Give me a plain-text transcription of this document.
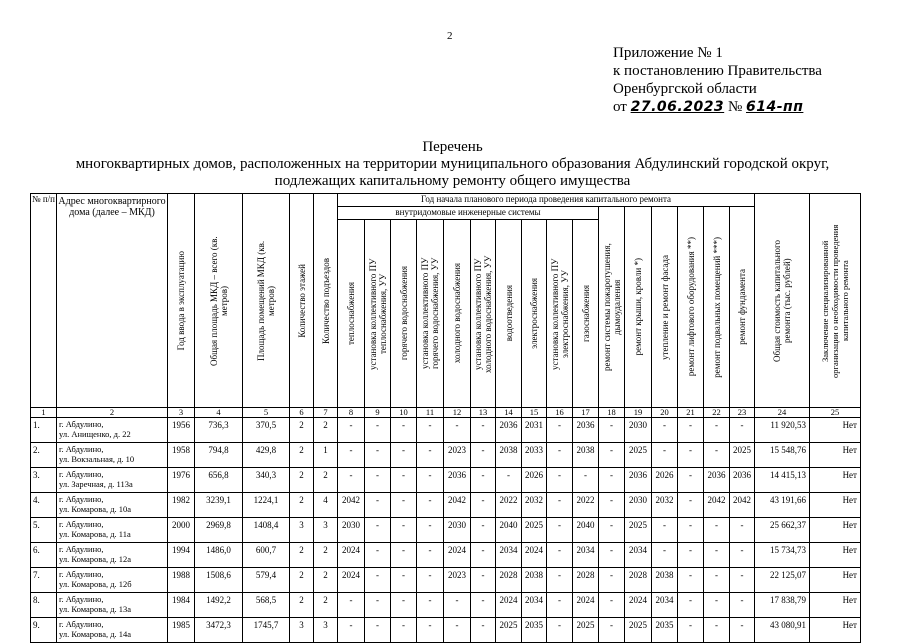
2
Приложение № 1
к постановлению Правительства
Оренбургской области
от 27.06.2023 № 614-пп
Перечень
многоквартирных домов, расположенных на территории муниципального образования Абдулинский городской округ,
подлежащих капитальному ремонту общего имущества
№ п/п	Адрес многоквартирного дома (далее – МКД)	Год ввода в эксплуатацию	Общая площадь МКД – всего (кв. метров)	Площадь помещений МКД (кв. метров)	Количество этажей	Количество подъездов	Год начала планового периода проведения капитального ремонта																Общая стоимость капитального ремонта (тыс. рублей)	Заключение специализированной организации о необходимости проведения капитального ремонта

							внутридомовые инженерные системы										ремонт системы пожаротушения, дымоудаления	ремонт крыши, кровли *)	утепление и ремонт фасада	ремонт лифтового оборудования **)	ремонт подвальных помещений ***)	ремонт фундамента		

							теплоснабжения	установка коллективного ПУ теплоснабжения, УУ	горячего водоснабжения	установка коллективного ПУ горячего водоснабжения, УУ	холодного водоснабжения	установка коллективного ПУ холодного водоснабжения, УУ	водоотведения	электроснабжения	установка коллективного ПУ электроснабжения, УУ	газоснабжения								

1	2	3	4	5	6	7	8	9	10	11	12	13	14	15	16	17	18	19	20	21	22	23	24	25
1.	г. Абдулино,
ул. Анищенко, д. 22	1956	736,3	370,5	2	2	-	-	-	-	-	-	2036	2031	-	2036	-	2030	-	-	-	-	11 920,53	Нет
2.	г. Абдулино,
ул. Вокзальная, д. 10	1958	794,8	429,8	2	1	-	-	-	-	2023	-	2038	2033	-	2038	-	2025	-	-	-	2025	15 548,76	Нет
3.	г. Абдулино,
ул. Заречная, д. 113а	1976	656,8	340,3	2	2	-	-	-	-	2036	-	-	2026	-	-	-	2036	2026	-	2036	2036	14 415,13	Нет
4.	г. Абдулино,
ул. Комарова, д. 10а	1982	3239,1	1224,1	2	4	2042	-	-	-	2042	-	2022	2032	-	2022	-	2030	2032	-	2042	2042	43 191,66	Нет
5.	г. Абдулино,
ул. Комарова, д. 11а	2000	2969,8	1408,4	3	3	2030	-	-	-	2030	-	2040	2025	-	2040	-	2025	-	-	-	-	25 662,37	Нет
6.	г. Абдулино,
ул. Комарова, д. 12а	1994	1486,0	600,7	2	2	2024	-	-	-	2024	-	2034	2024	-	2034	-	2034	-	-	-	-	15 734,73	Нет
7.	г. Абдулино,
ул. Комарова, д. 12б	1988	1508,6	579,4	2	2	2024	-	-	-	2023	-	2028	2038	-	2028	-	2028	2038	-	-	-	22 125,07	Нет
8.	г. Абдулино,
ул. Комарова, д. 13а	1984	1492,2	568,5	2	2	-	-	-	-	-	-	2024	2034	-	2024	-	2024	2034	-	-	-	17 838,79	Нет
9.	г. Абдулино,
ул. Комарова, д. 14а	1985	3472,3	1745,7	3	3	-	-	-	-	-	-	2025	2035	-	2025	-	2025	2035	-	-	-	43 080,91	Нет
